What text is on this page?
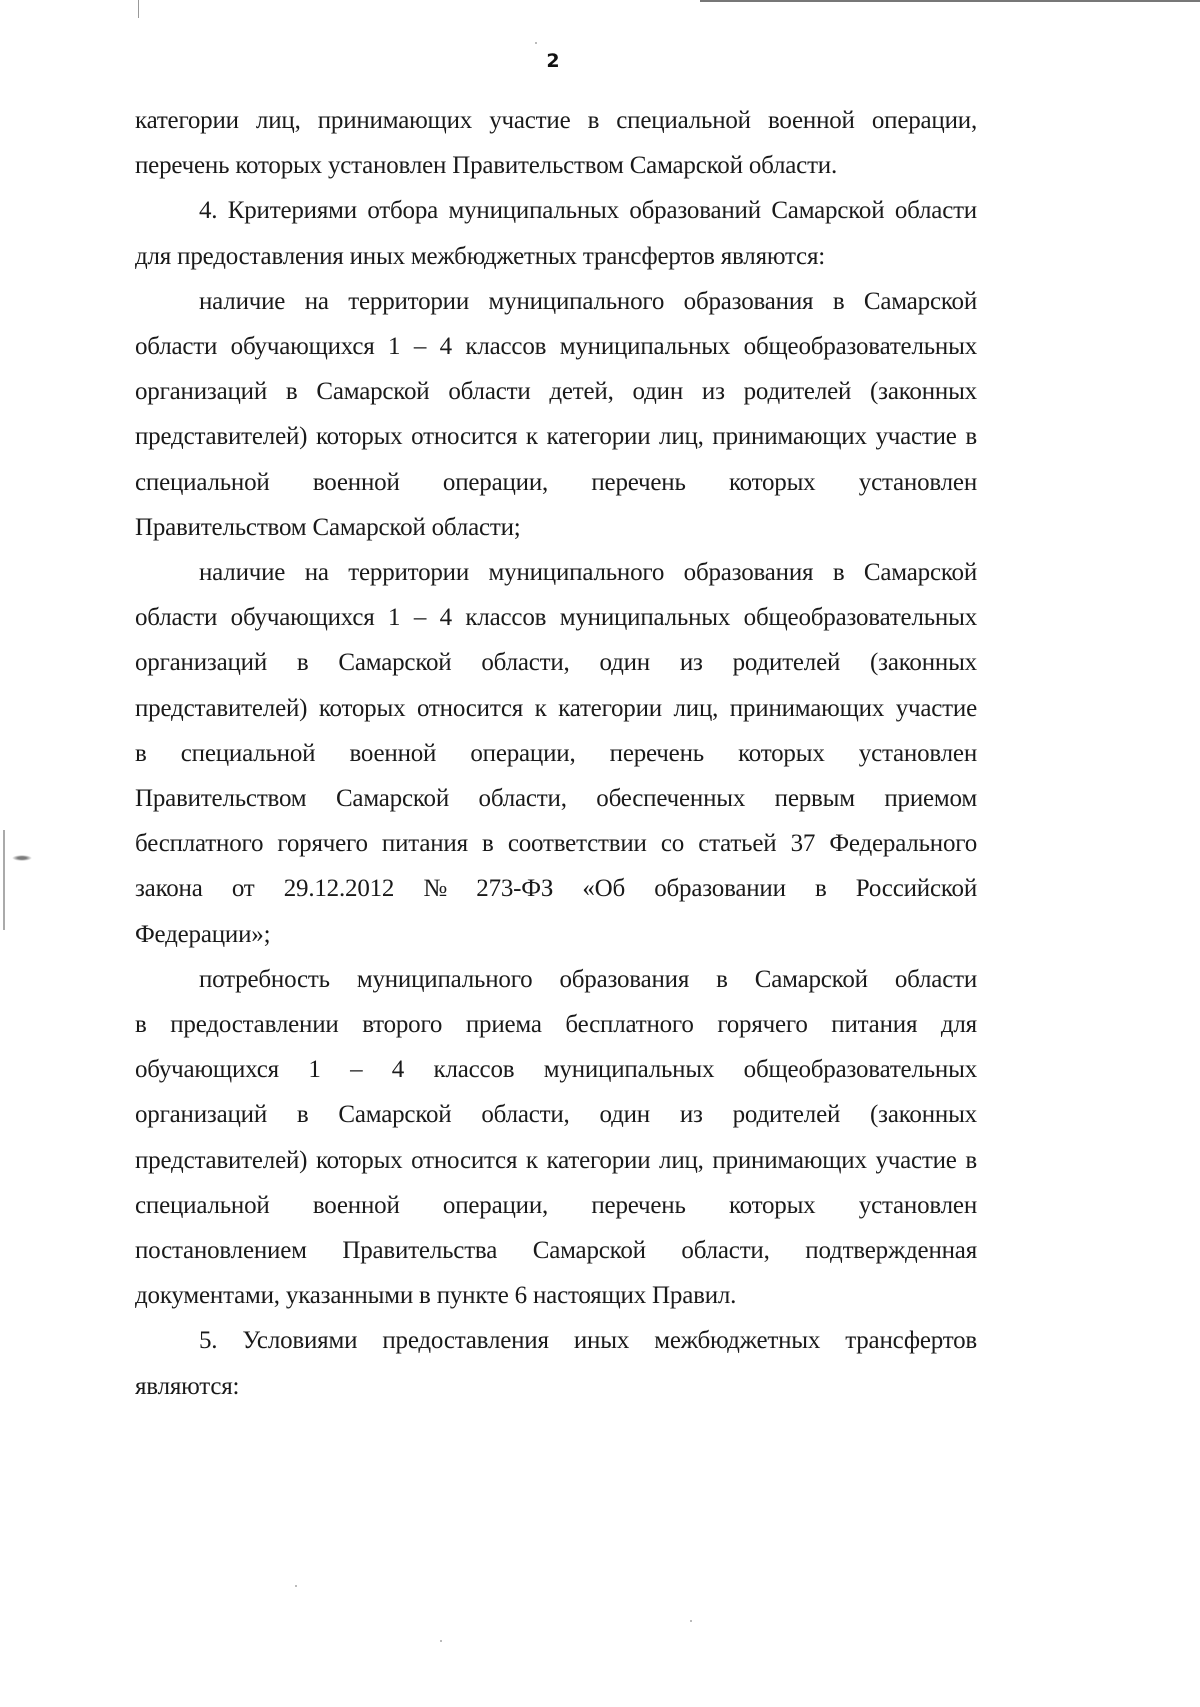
2
категории лиц, принимающих участие в специальной военной операции,
перечень которых установлен Правительством Самарской области.
4. Критериями отбора муниципальных образований Самарской области
для предоставления иных межбюджетных трансфертов являются:
наличие на территории муниципального образования в Самарской
области обучающихся 1 – 4 классов муниципальных общеобразовательных
организаций в Самарской области детей, один из родителей (законных
представителей) которых относится к категории лиц, принимающих участие в
специальной военной операции, перечень которых установлен
Правительством Самарской области;
наличие на территории муниципального образования в Самарской
области обучающихся 1 – 4 классов муниципальных общеобразовательных
организаций в Самарской области, один из родителей (законных
представителей) которых относится к категории лиц, принимающих участие
в специальной военной операции, перечень которых установлен
Правительством Самарской области, обеспеченных первым приемом
бесплатного горячего питания в соответствии со статьей 37 Федерального
закона от 29.12.2012 № 273-ФЗ «Об образовании в Российской
Федерации»;
потребность муниципального образования в Самарской области
в предоставлении второго приема бесплатного горячего питания для
обучающихся 1 – 4 классов муниципальных общеобразовательных
организаций в Самарской области, один из родителей (законных
представителей) которых относится к категории лиц, принимающих участие в
специальной военной операции, перечень которых установлен
постановлением Правительства Самарской области, подтвержденная
документами, указанными в пункте 6 настоящих Правил.
5. Условиями предоставления иных межбюджетных трансфертов
являются:
